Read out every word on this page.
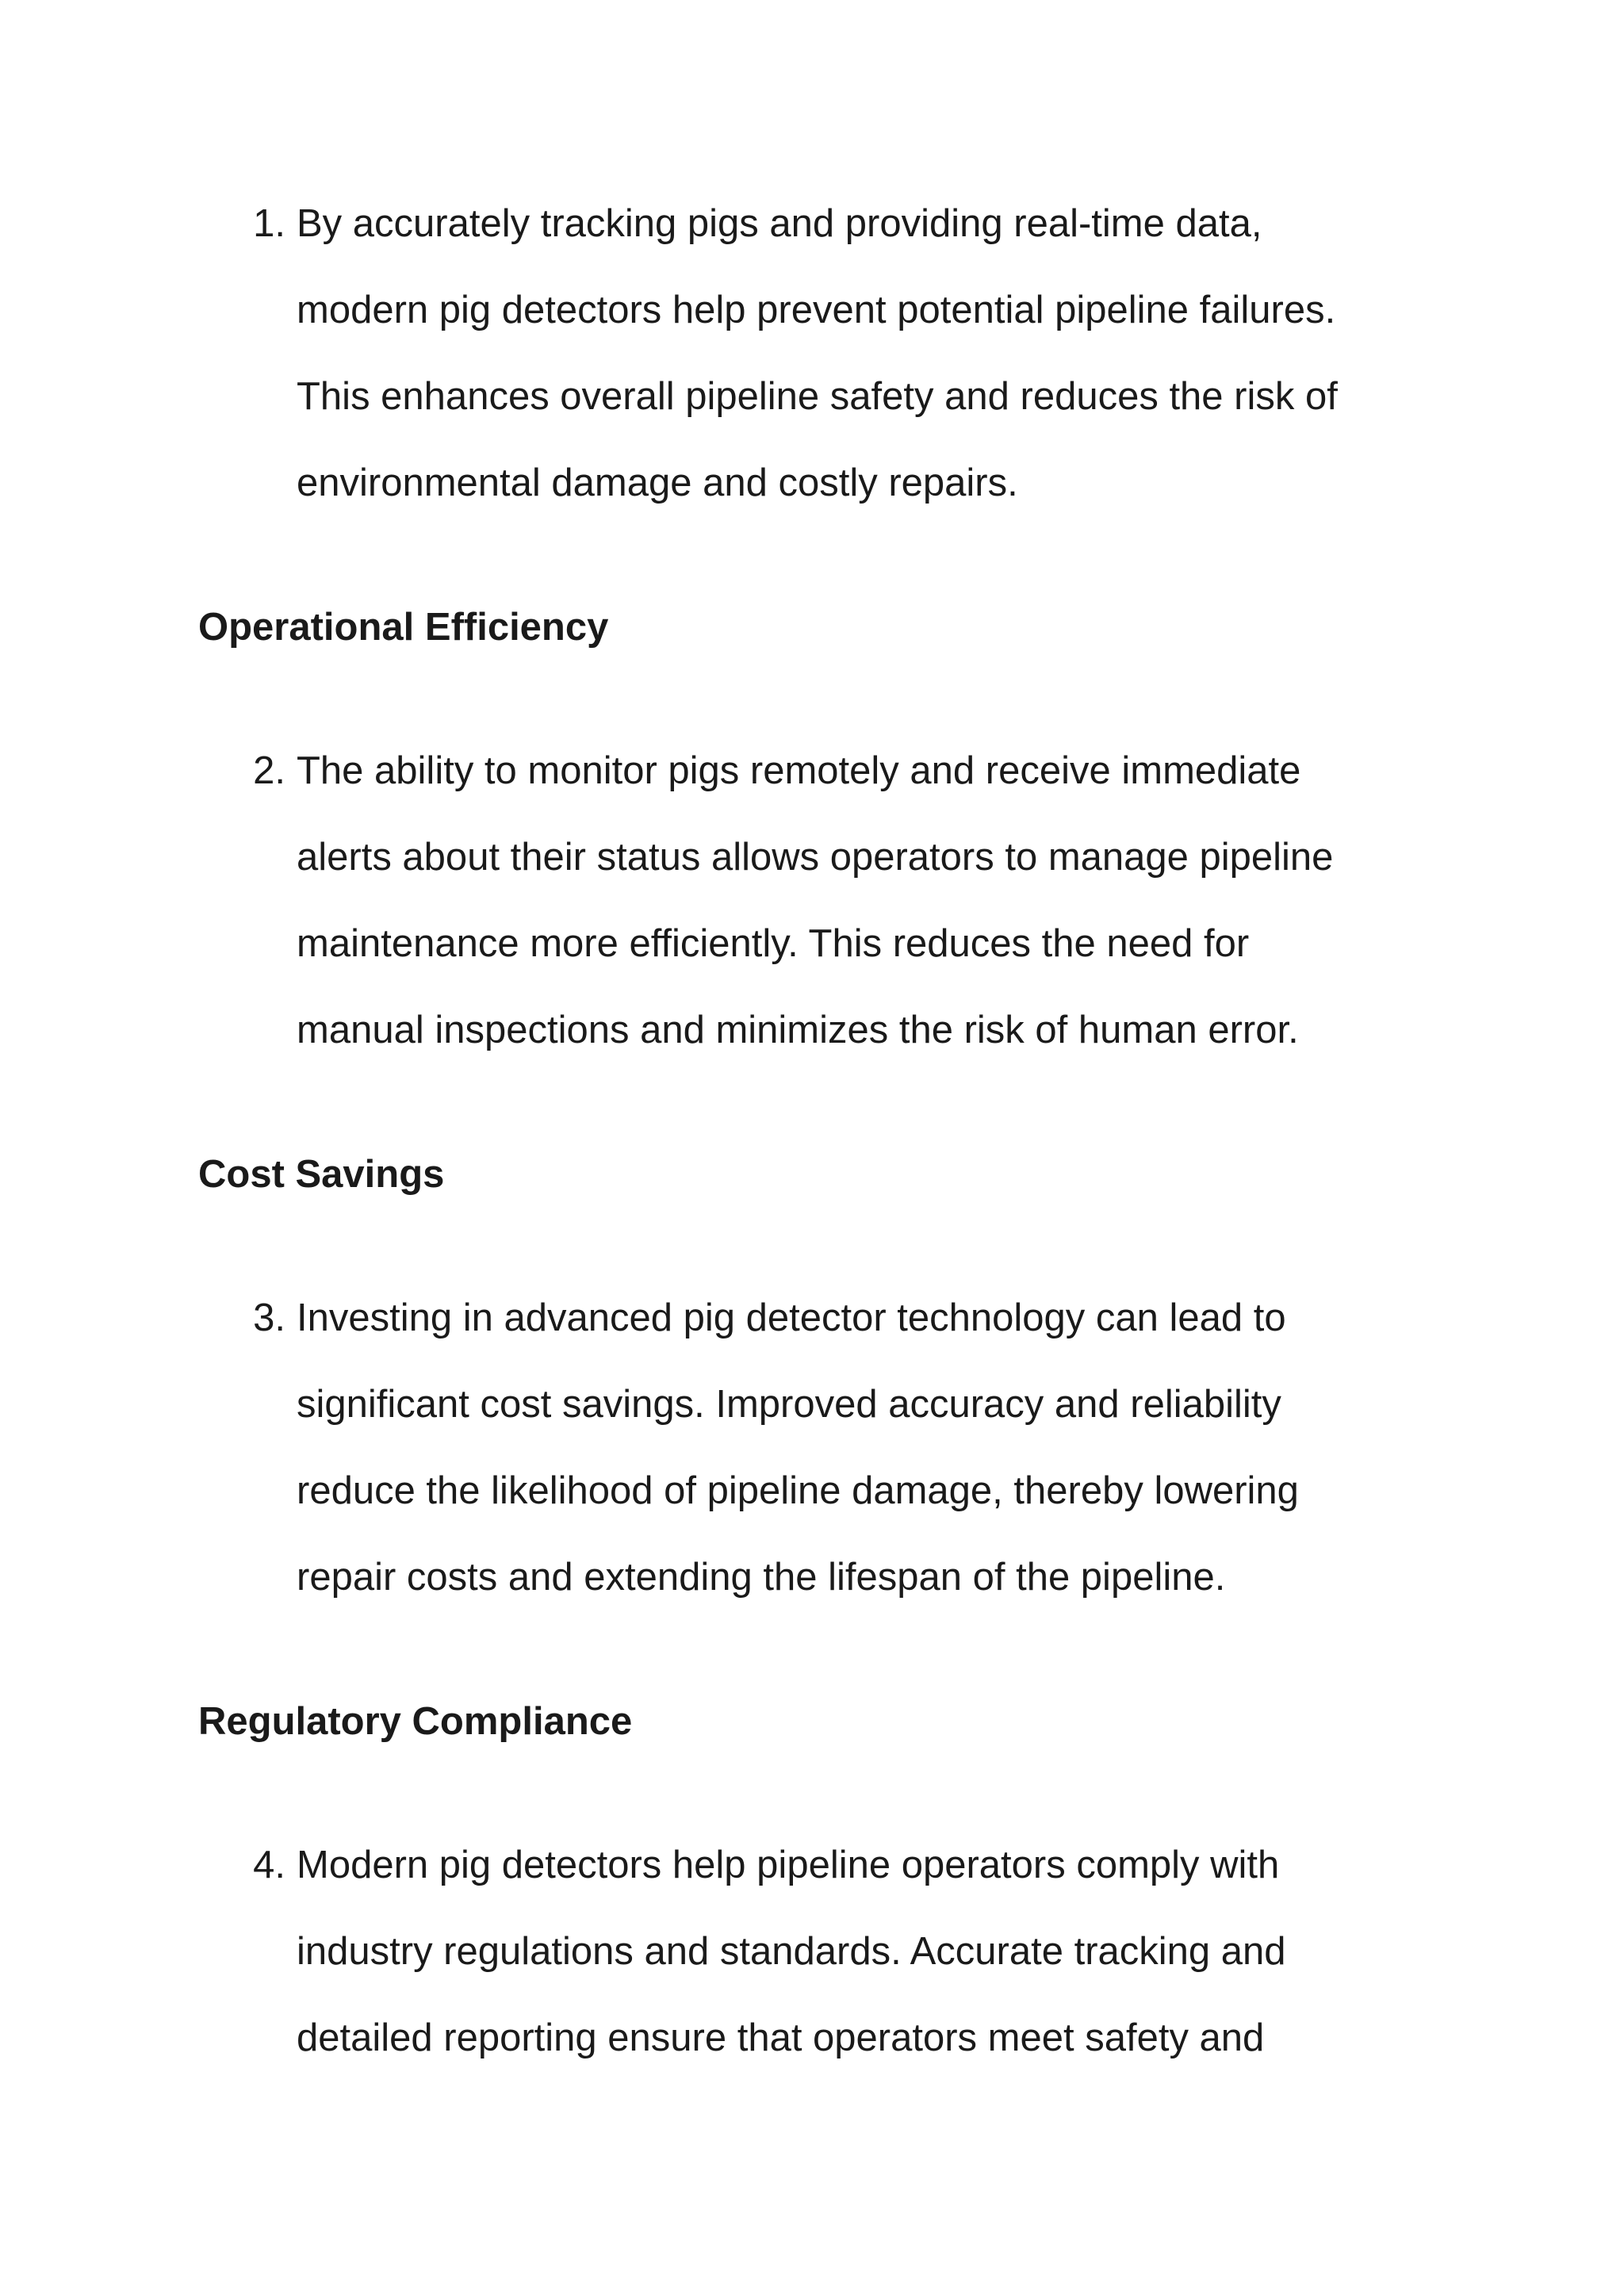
1. By accurately tracking pigs and providing real-time data,
modern pig detectors help prevent potential pipeline failures.
This enhances overall pipeline safety and reduces the risk of
environmental damage and costly repairs.

Operational Efficiency
2. The ability to monitor pigs remotely and receive immediate
alerts about their status allows operators to manage pipeline
maintenance more efficiently. This reduces the need for
manual inspections and minimizes the risk of human error.

Cost Savings
3. Investing in advanced pig detector technology can lead to
significant cost savings. Improved accuracy and reliability
reduce the likelihood of pipeline damage, thereby lowering
repair costs and extending the lifespan of the pipeline.

Regulatory Compliance
4. Modern pig detectors help pipeline operators comply with
industry regulations and standards. Accurate tracking and
detailed reporting ensure that operators meet safety and
